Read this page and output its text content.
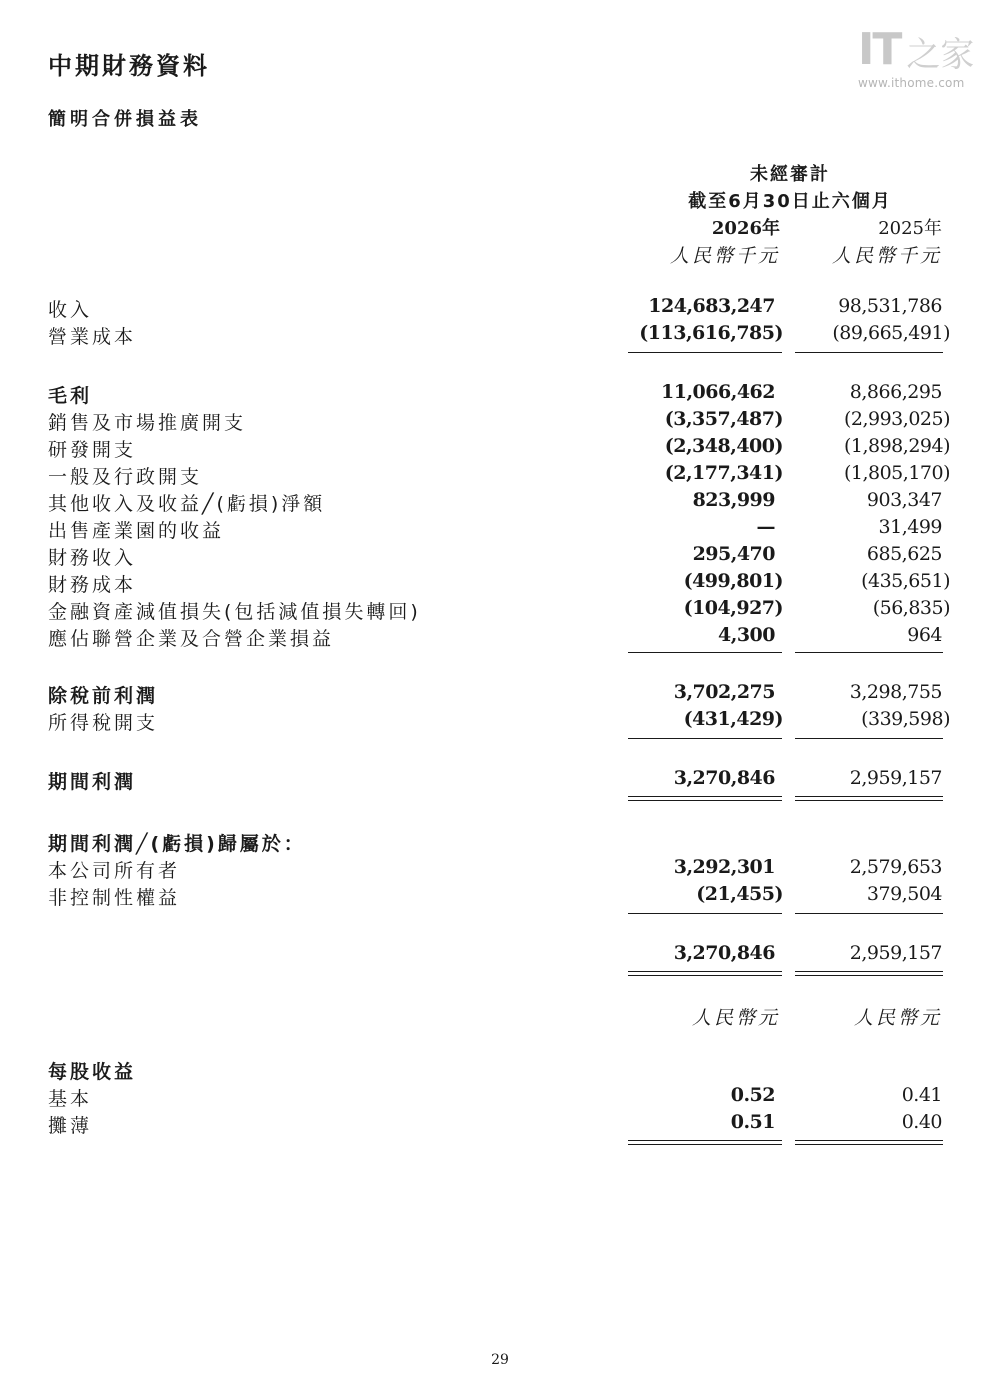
IT 之家
www.ithome.com
中期財務資料
簡明合併損益表
未經審計
截至6月30日止六個月
2026年	2025年
人民幣千元	人民幣千元
收入	124,683,247	98,531,786
營業成本	(113,616,785)	(89,665,491)
毛利	11,066,462	8,866,295
銷售及市場推廣開支	(3,357,487)	(2,993,025)
研發開支	(2,348,400)	(1,898,294)
一般及行政開支	(2,177,341)	(1,805,170)
其他收入及收益╱(虧損)淨額	823,999	903,347
出售產業園的收益	—	31,499
財務收入	295,470	685,625
財務成本	(499,801)	(435,651)
金融資產減值損失(包括減值損失轉回)	(104,927)	(56,835)
應佔聯營企業及合營企業損益	4,300	964
除稅前利潤	3,702,275	3,298,755
所得稅開支	(431,429)	(339,598)
期間利潤	3,270,846	2,959,157
期間利潤╱(虧損)歸屬於：
本公司所有者	3,292,301	2,579,653
非控制性權益	(21,455)	379,504
3,270,846	2,959,157
人民幣元	人民幣元
每股收益
基本	0.52	0.41
攤薄	0.51	0.40
29
